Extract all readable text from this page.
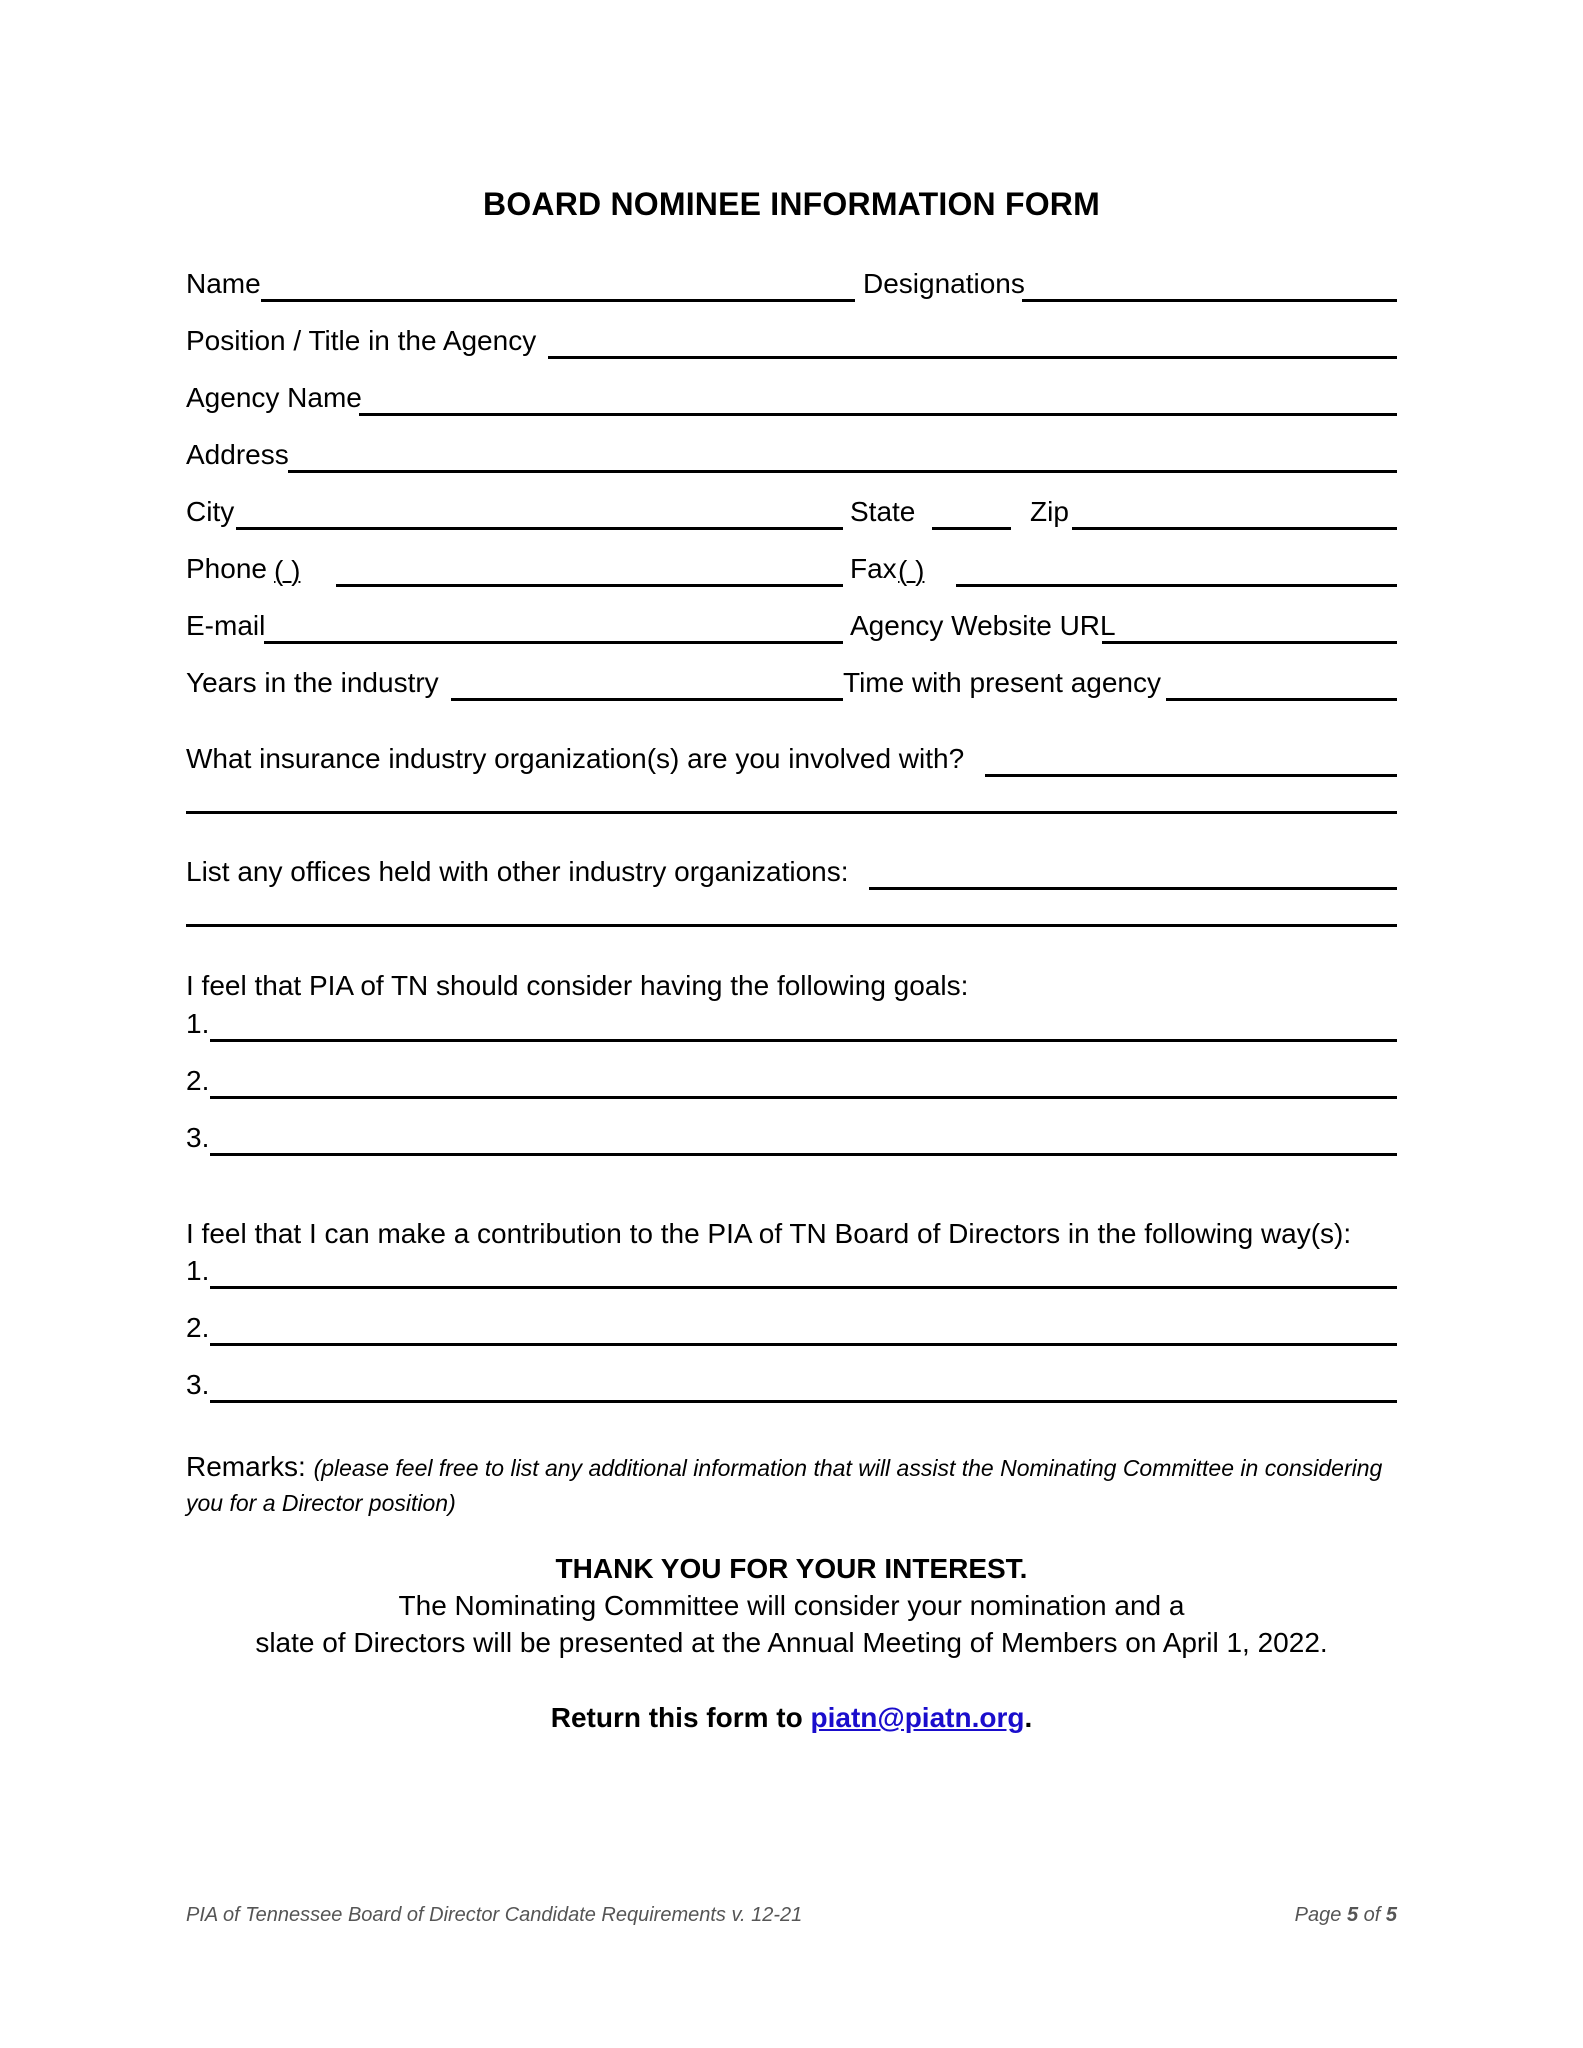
BOARD NOMINEE INFORMATION FORM
Name	Designations
Position / Title in the Agency
Agency Name
Address
City	State	Zip
Phone ( )	Fax ( )
E-mail	Agency Website URL
Years in the industry	Time with present agency
What insurance industry organization(s) are you involved with?
List any offices held with other industry organizations:
I feel that PIA of TN should consider having the following goals:
1.
2.
3.
I feel that I can make a contribution to the PIA of TN Board of Directors in the following way(s):
1.
2.
3.
Remarks: (please feel free to list any additional information that will assist the Nominating Committee in considering you for a Director position)
THANK YOU FOR YOUR INTEREST.
The Nominating Committee will consider your nomination and a
slate of Directors will be presented at the Annual Meeting of Members on April 1, 2022.
Return this form to piatn@piatn.org.
PIA of Tennessee Board of Director Candidate Requirements v. 12-21	Page 5 of 5
